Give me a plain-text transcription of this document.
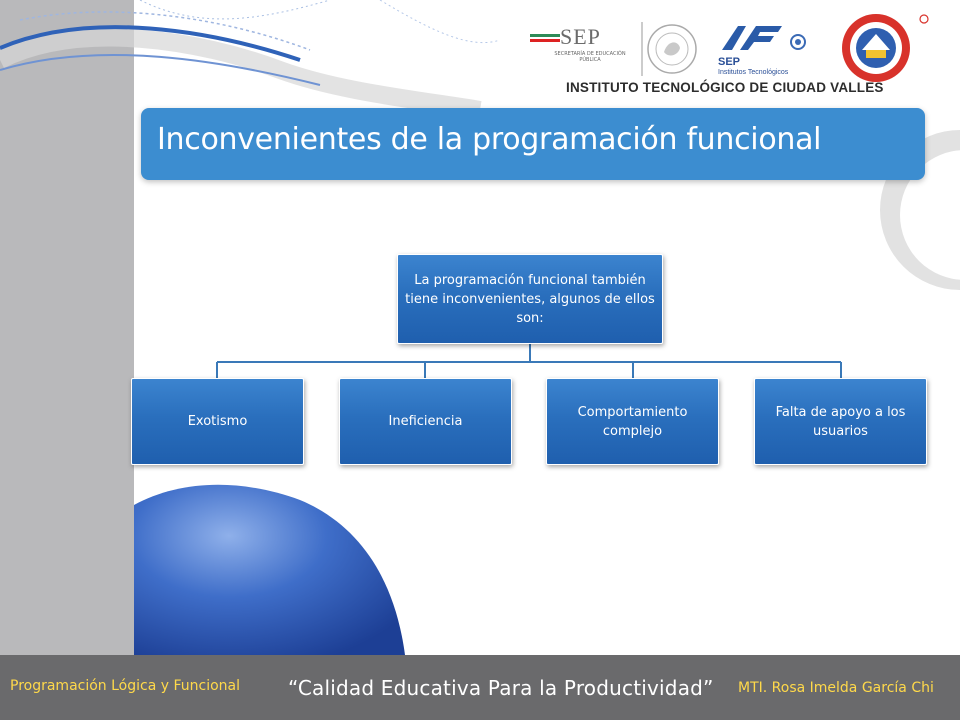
SEP
SECRETARÍA DE EDUCACIÓN PÚBLICA	SEP
Institutos Tecnológicos
INSTITUTO TECNOLÓGICO DE CIUDAD VALLES
Inconvenientes de la programación funcional
La programación funcional también tiene inconvenientes, algunos de ellos son:
Exotismo	Ineficiencia
Comportamiento complejo
Falta de apoyo a los usuarios
Programación Lógica y Funcional “Calidad Educativa Para la Productividad” MTI. Rosa Imelda García Chi
